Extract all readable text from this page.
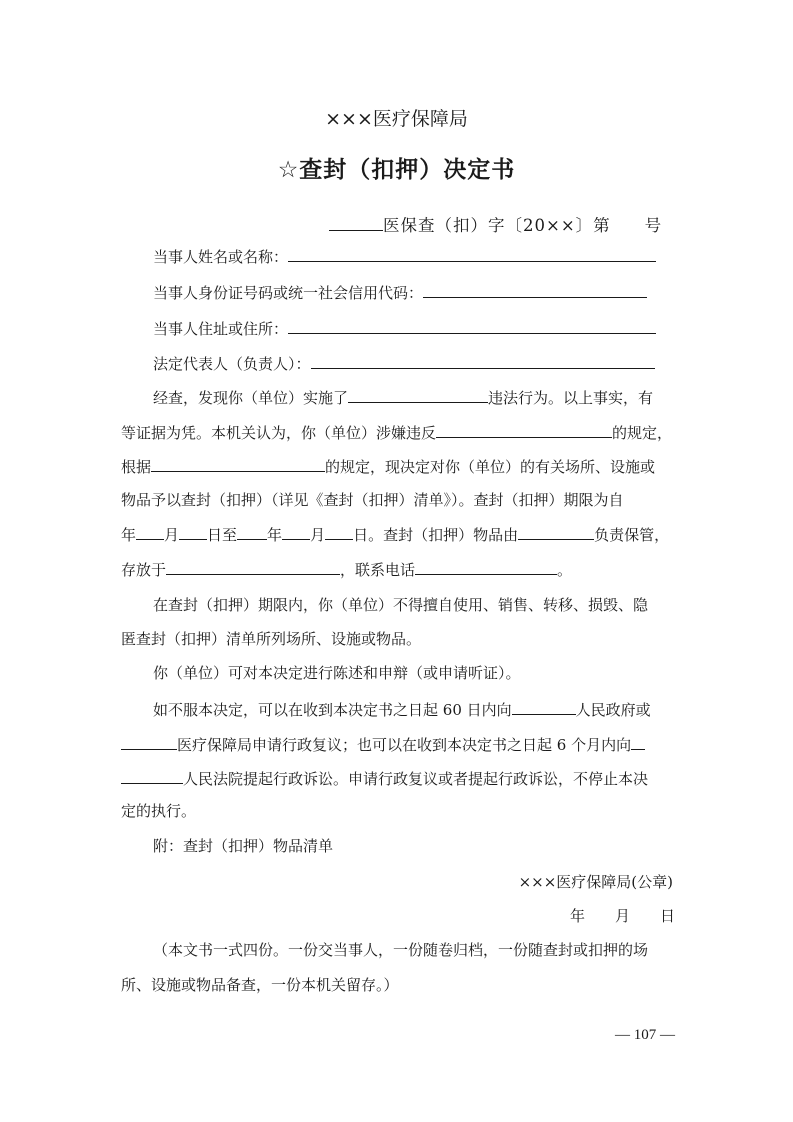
×××医疗保障局
☆查封（扣押）决定书
医保查（扣）字〔20××〕第 号
当事人姓名或名称：
当事人身份证号码或统一社会信用代码：
当事人住址或住所：
法定代表人（负责人）：
经查，发现你（单位）实施了	违法行为。以上事实，有
等证据为凭。本机关认为，你（单位）涉嫌违反	的规定，
根据	的规定，现决定对你（单位）的有关场所、设施或
物品予以查封（扣押）（详见《查封（扣押）清单》）。查封（扣押）期限为自
年 月 日至 年 月 日。查封（扣押）物品由	负责保管，
存放于	，联系电话	。
在查封（扣押）期限内，你（单位）不得擅自使用、销售、转移、损毁、隐
匿查封（扣押）清单所列场所、设施或物品。
你（单位）可对本决定进行陈述和申辩（或申请听证）。
如不服本决定，可以在收到本决定书之日起 60 日内向	人民政府或
医疗保障局申请行政复议；也可以在收到本决定书之日起 6 个月内向
人民法院提起行政诉讼。申请行政复议或者提起行政诉讼，不停止本决
定的执行。
附：查封（扣押）物品清单
×××医疗保障局(公章)
年 月 日
（本文书一式四份。一份交当事人，一份随卷归档，一份随查封或扣押的场
所、设施或物品备查，一份本机关留存。）
— 107 —
